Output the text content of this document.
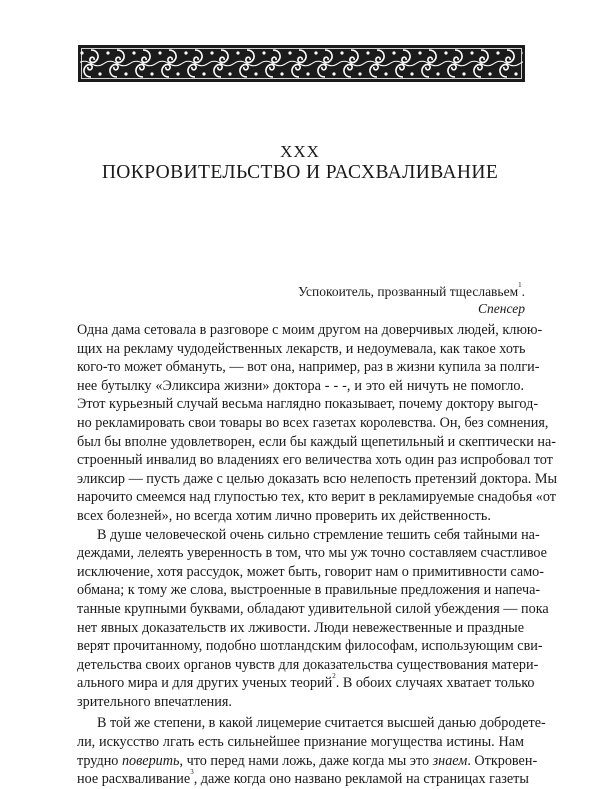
XXX
ПОКРОВИТЕЛЬСТВО И РАСХВАЛИВАНИЕ
Успокоитель, прозванный тщеславьем$^1$.
Спенсер
Одна дама сетовала в разговоре с моим другом на доверчивых людей, клюю-
щих на рекламу чудодейственных лекарств, и недоумевала, как такое хоть
кого-то может обмануть, — вот она, например, раз в жизни купила за полги-
нее бутылку «Эликсира жизни» доктора - - -, и это ей ничуть не помогло.
Этот курьезный случай весьма наглядно показывает, почему доктору выгод-
но рекламировать свои товары во всех газетах королевства. Он, без сомнения,
был бы вполне удовлетворен, если бы каждый щепетильный и скептически на-
строенный инвалид во владениях его величества хоть один раз испробовал тот
эликсир — пусть даже с целью доказать всю нелепость претензий доктора. Мы
нарочито смеемся над глупостью тех, кто верит в рекламируемые снадобья «от
всех болезней», но всегда хотим лично проверить их действенность.
В душе человеческой очень сильно стремление тешить себя тайными на-
деждами, лелеять уверенность в том, что мы уж точно составляем счастливое
исключение, хотя рассудок, может быть, говорит нам о примитивности само-
обмана; к тому же слова, выстроенные в правильные предложения и напеча-
танные крупными буквами, обладают удивительной силой убеждения — пока
нет явных доказательств их лживости. Люди невежественные и праздные
верят прочитанному, подобно шотландским философам, использующим сви-
детельства своих органов чувств для доказательства существования матери-
ального мира и для других ученых теорий$^2$. В обоих случаях хватает только
зрительного впечатления.
В той же степени, в какой лицемерие считается высшей данью добродете-
ли, искусство лгать есть сильнейшее признание могущества истины. Нам
трудно поверить, что перед нами ложь, даже когда мы это знаем. Откровен-
ное расхваливание$^3$, даже когда оно названо рекламой на страницах газеты
